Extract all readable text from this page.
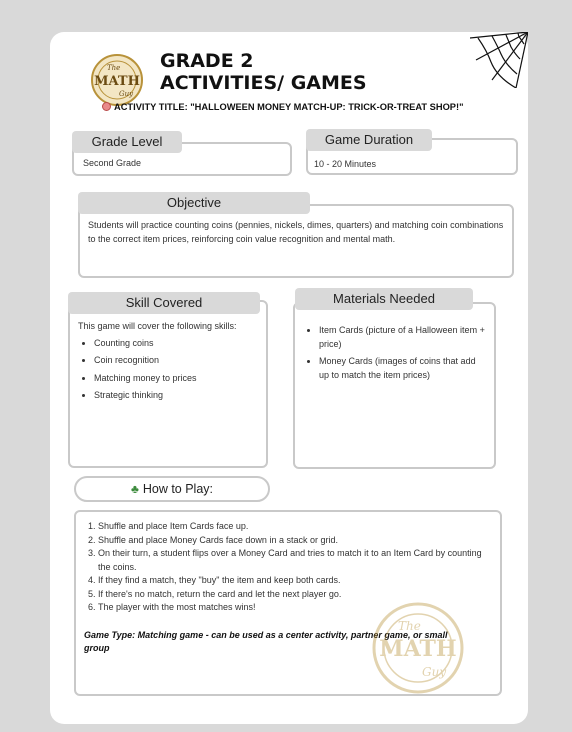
MATH
The
Guy
GRADE 2
ACTIVITIES/ GAMES
ACTIVITY TITLE: "HALLOWEEN MONEY MATCH-UP: TRICK-OR-TREAT SHOP!"
Second Grade
Grade Level
10 - 20 Minutes
Game Duration
Students will practice counting coins (pennies, nickels, dimes, quarters) and matching coin combinations to the correct item prices, reinforcing coin value recognition and mental math.
Objective
This game will cover the following skills:
• Counting coins
• Coin recognition
• Matching money to prices
• Strategic thinking
Skill Covered
• Item Cards (picture of a Halloween item + price)
• Money Cards (images of coins that add up to match the item prices)
Materials Needed
♣ How to Play:
1. Shuffle and place Item Cards face up.
2. Shuffle and place Money Cards face down in a stack or grid.
3. On their turn, a student flips over a Money Card and tries to match it to an Item Card by counting the coins.
4. If they find a match, they "buy" the item and keep both cards.
5. If there's no match, return the card and let the next player go.
6. The player with the most matches wins!
Game Type: Matching game - can be used as a center activity, partner game, or small group	MATH
The
Guy
